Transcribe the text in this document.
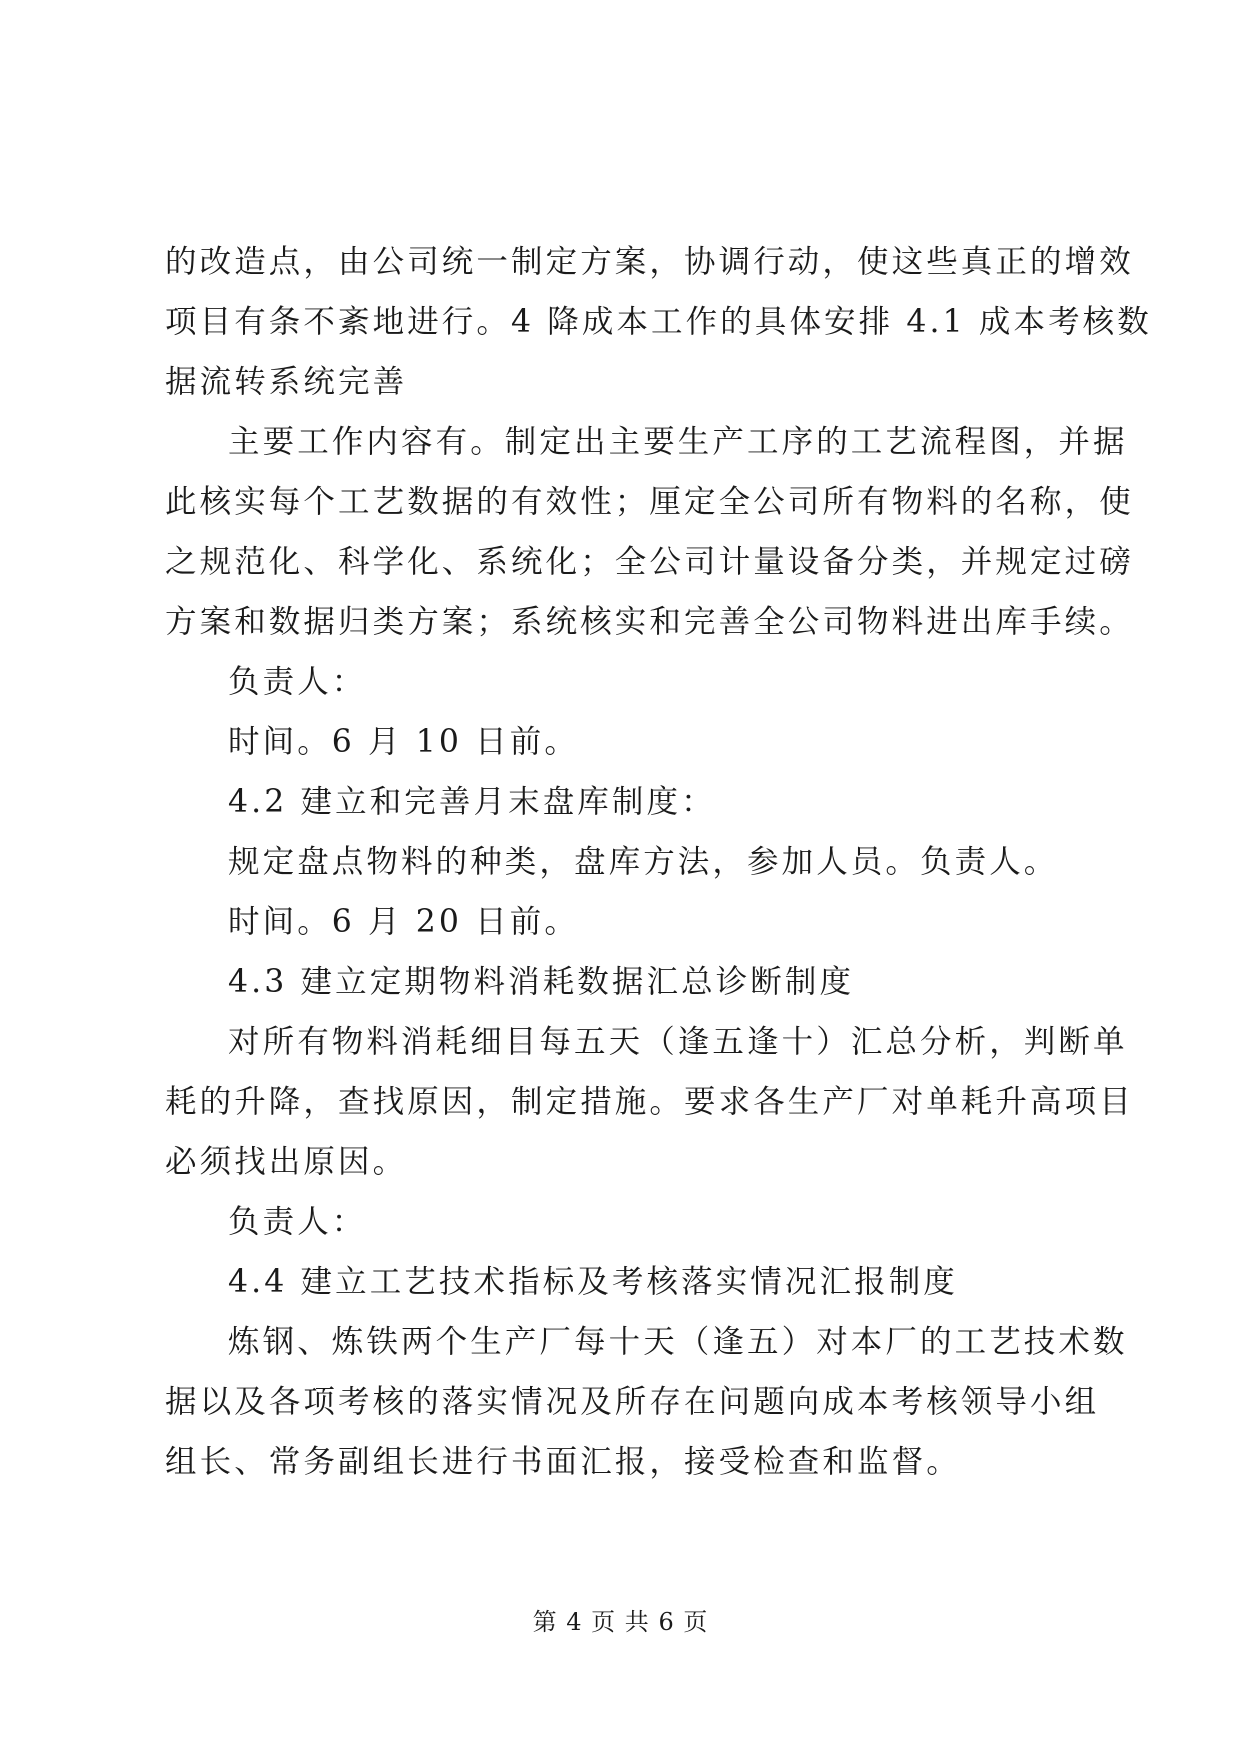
的改造点，由公司统一制定方案，协调行动，使这些真正的增效
项目有条不紊地进行。4 降成本工作的具体安排 4.1 成本考核数
据流转系统完善

主要工作内容有。制定出主要生产工序的工艺流程图，并据
此核实每个工艺数据的有效性；厘定全公司所有物料的名称，使
之规范化、科学化、系统化；全公司计量设备分类，并规定过磅
方案和数据归类方案；系统核实和完善全公司物料进出库手续。

负责人：

时间。6 月 10 日前。

4.2 建立和完善月末盘库制度：

规定盘点物料的种类，盘库方法，参加人员。负责人。

时间。6 月 20 日前。

4.3 建立定期物料消耗数据汇总诊断制度

对所有物料消耗细目每五天（逢五逢十）汇总分析，判断单
耗的升降，查找原因，制定措施。要求各生产厂对单耗升高项目
必须找出原因。

负责人：

4.4 建立工艺技术指标及考核落实情况汇报制度

炼钢、炼铁两个生产厂每十天（逢五）对本厂的工艺技术数
据以及各项考核的落实情况及所存在问题向成本考核领导小组
组长、常务副组长进行书面汇报，接受检查和监督。

第 4 页 共 6 页
